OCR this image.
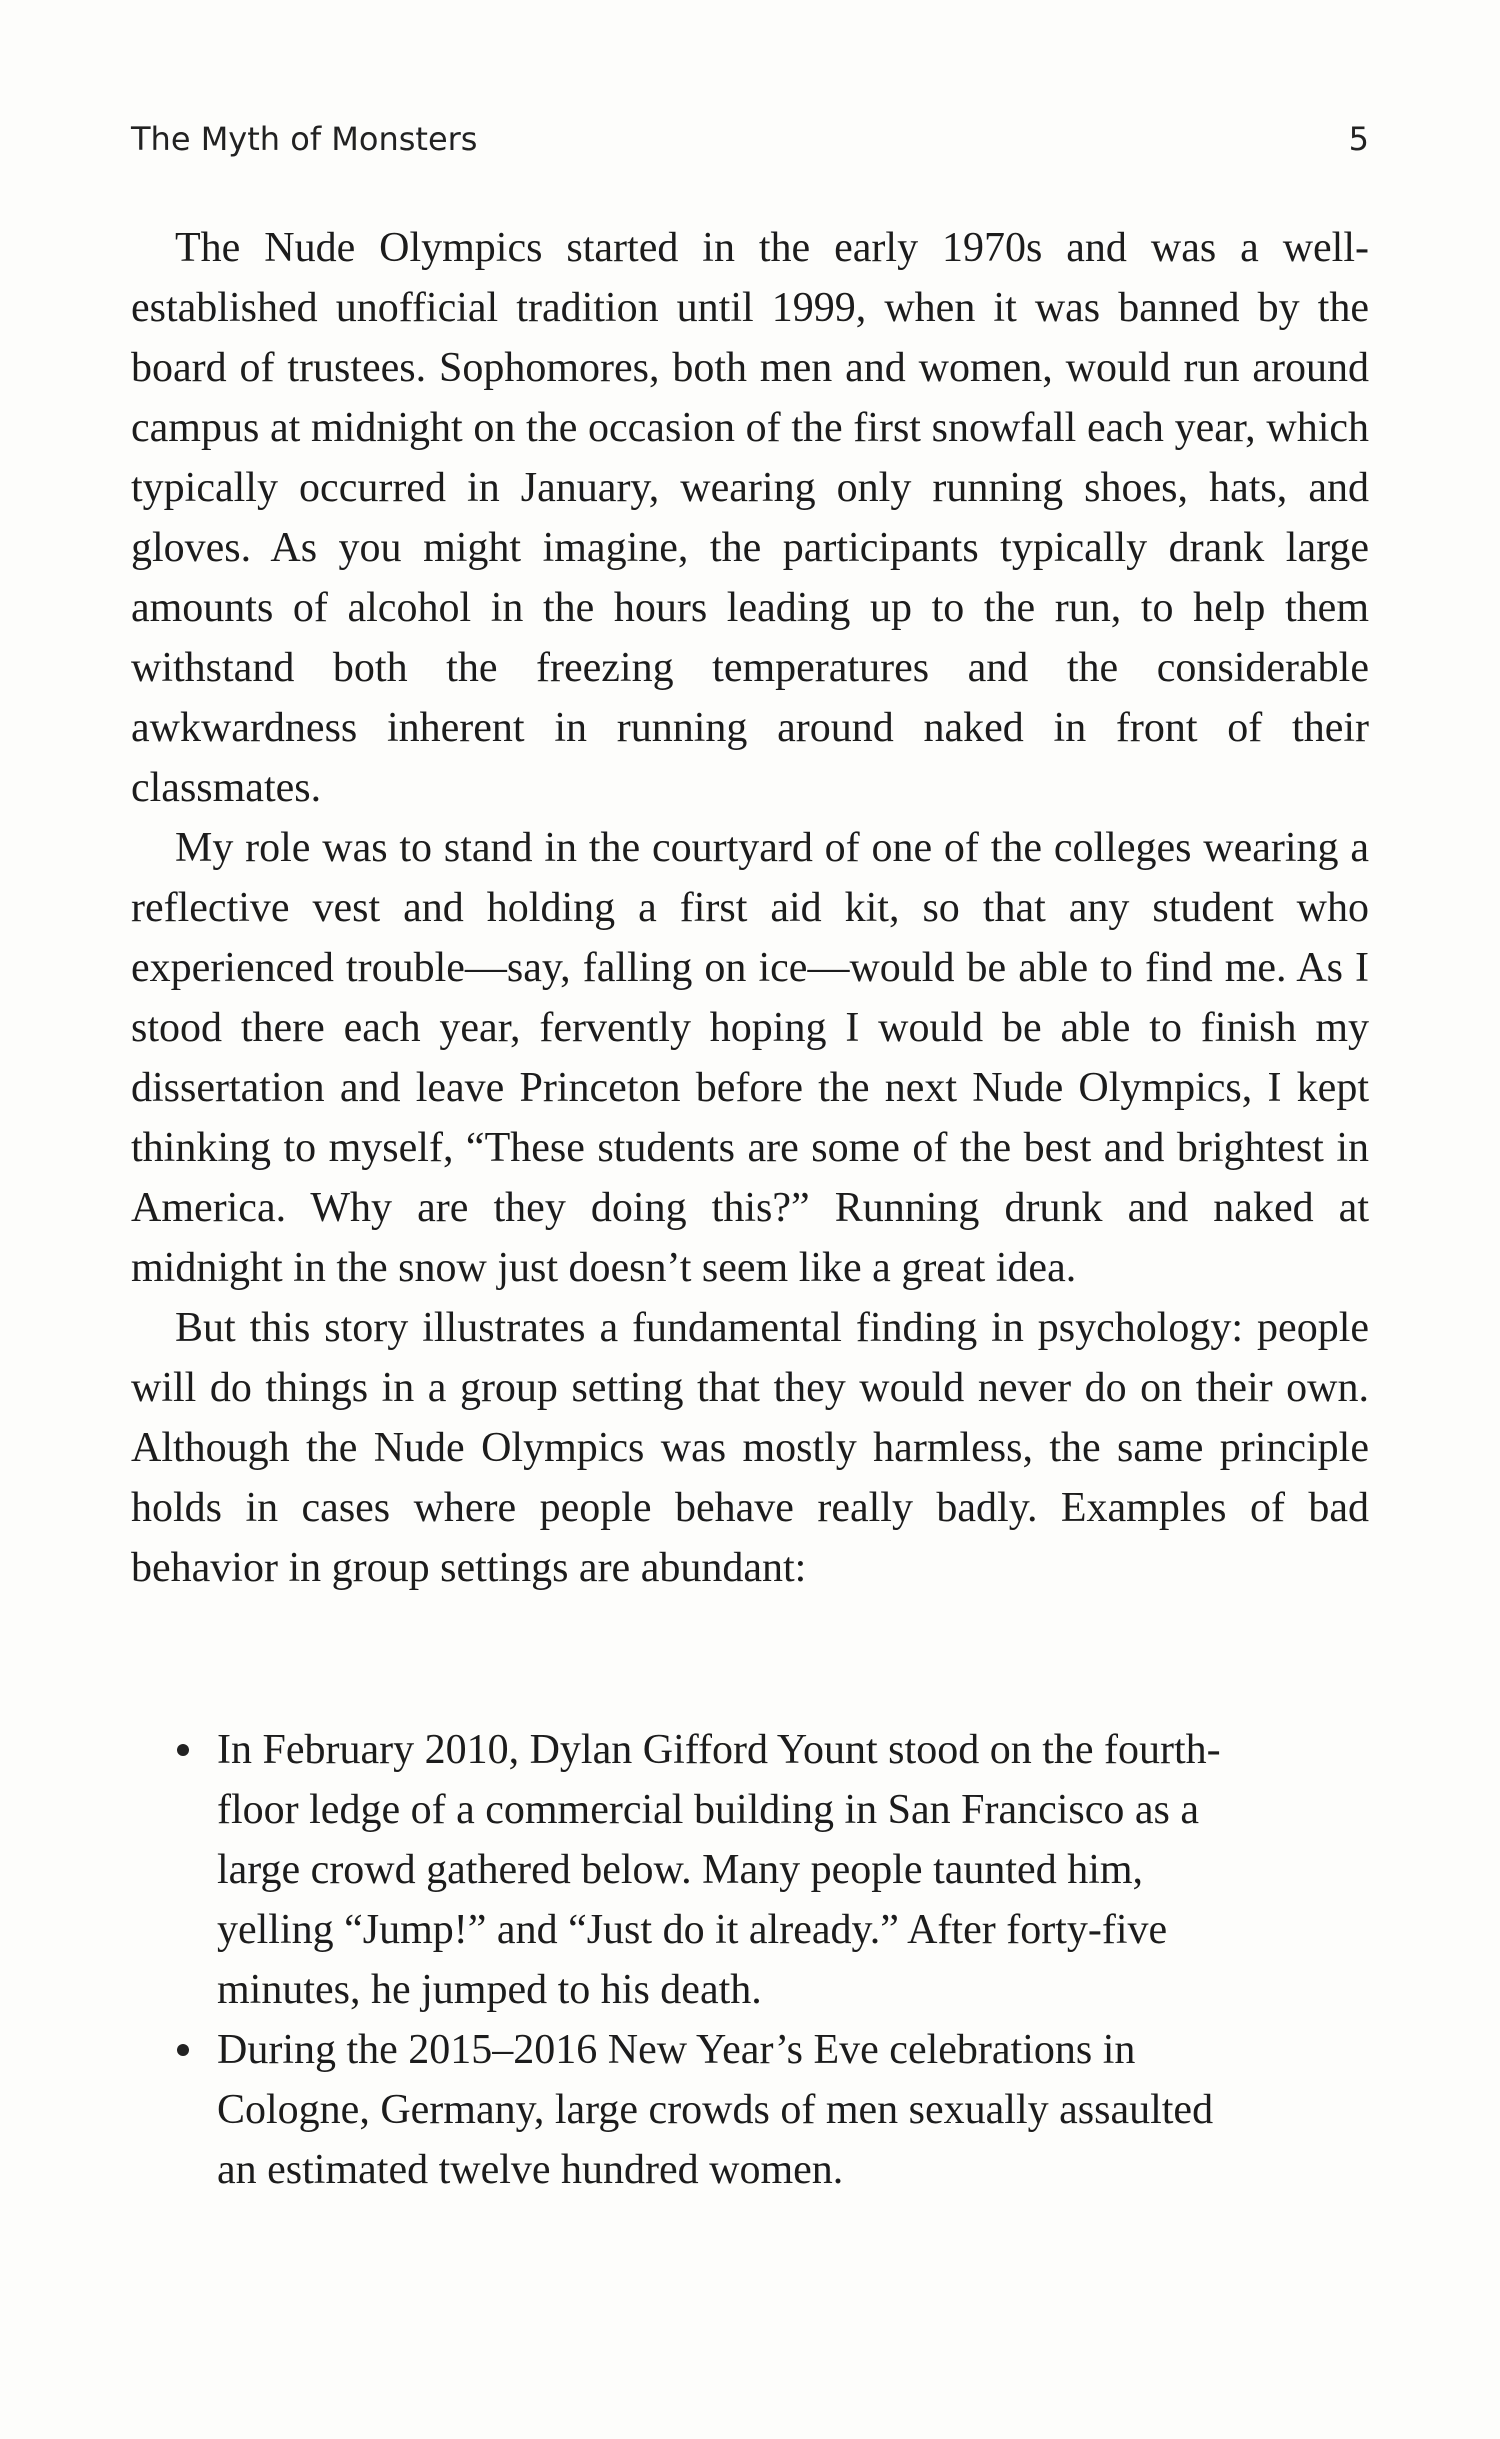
The Myth of Monsters	5

The Nude Olympics started in the early 1970s and was a well-established unofficial tradition until 1999, when it was banned by the board of trustees. Sophomores, both men and women, would run around campus at midnight on the occasion of the first snowfall each year, which typically occurred in January, wearing only running shoes, hats, and gloves. As you might imagine, the participants typically drank large amounts of alcohol in the hours leading up to the run, to help them withstand both the freezing temperatures and the considerable awkwardness inherent in running around naked in front of their classmates.

My role was to stand in the courtyard of one of the colleges wearing a reflective vest and holding a first aid kit, so that any student who experienced trouble—say, falling on ice—would be able to find me. As I stood there each year, fervently hoping I would be able to finish my dissertation and leave Princeton before the next Nude Olympics, I kept thinking to myself, “These students are some of the best and brightest in America. Why are they doing this?” Running drunk and naked at midnight in the snow just doesn’t seem like a great idea.

But this story illustrates a fundamental finding in psychology: people will do things in a group setting that they would never do on their own. Although the Nude Olympics was mostly harmless, the same principle holds in cases where people behave really badly. Examples of bad behavior in group settings are abundant:

In February 2010, Dylan Gifford Yount stood on the fourth-floor ledge of a commercial building in San Francisco as a large crowd gathered below. Many people taunted him, yelling “Jump!” and “Just do it already.” After forty-five minutes, he jumped to his death.
During the 2015–2016 New Year’s Eve celebrations in Cologne, Germany, large crowds of men sexually assaulted an estimated twelve hundred women.
